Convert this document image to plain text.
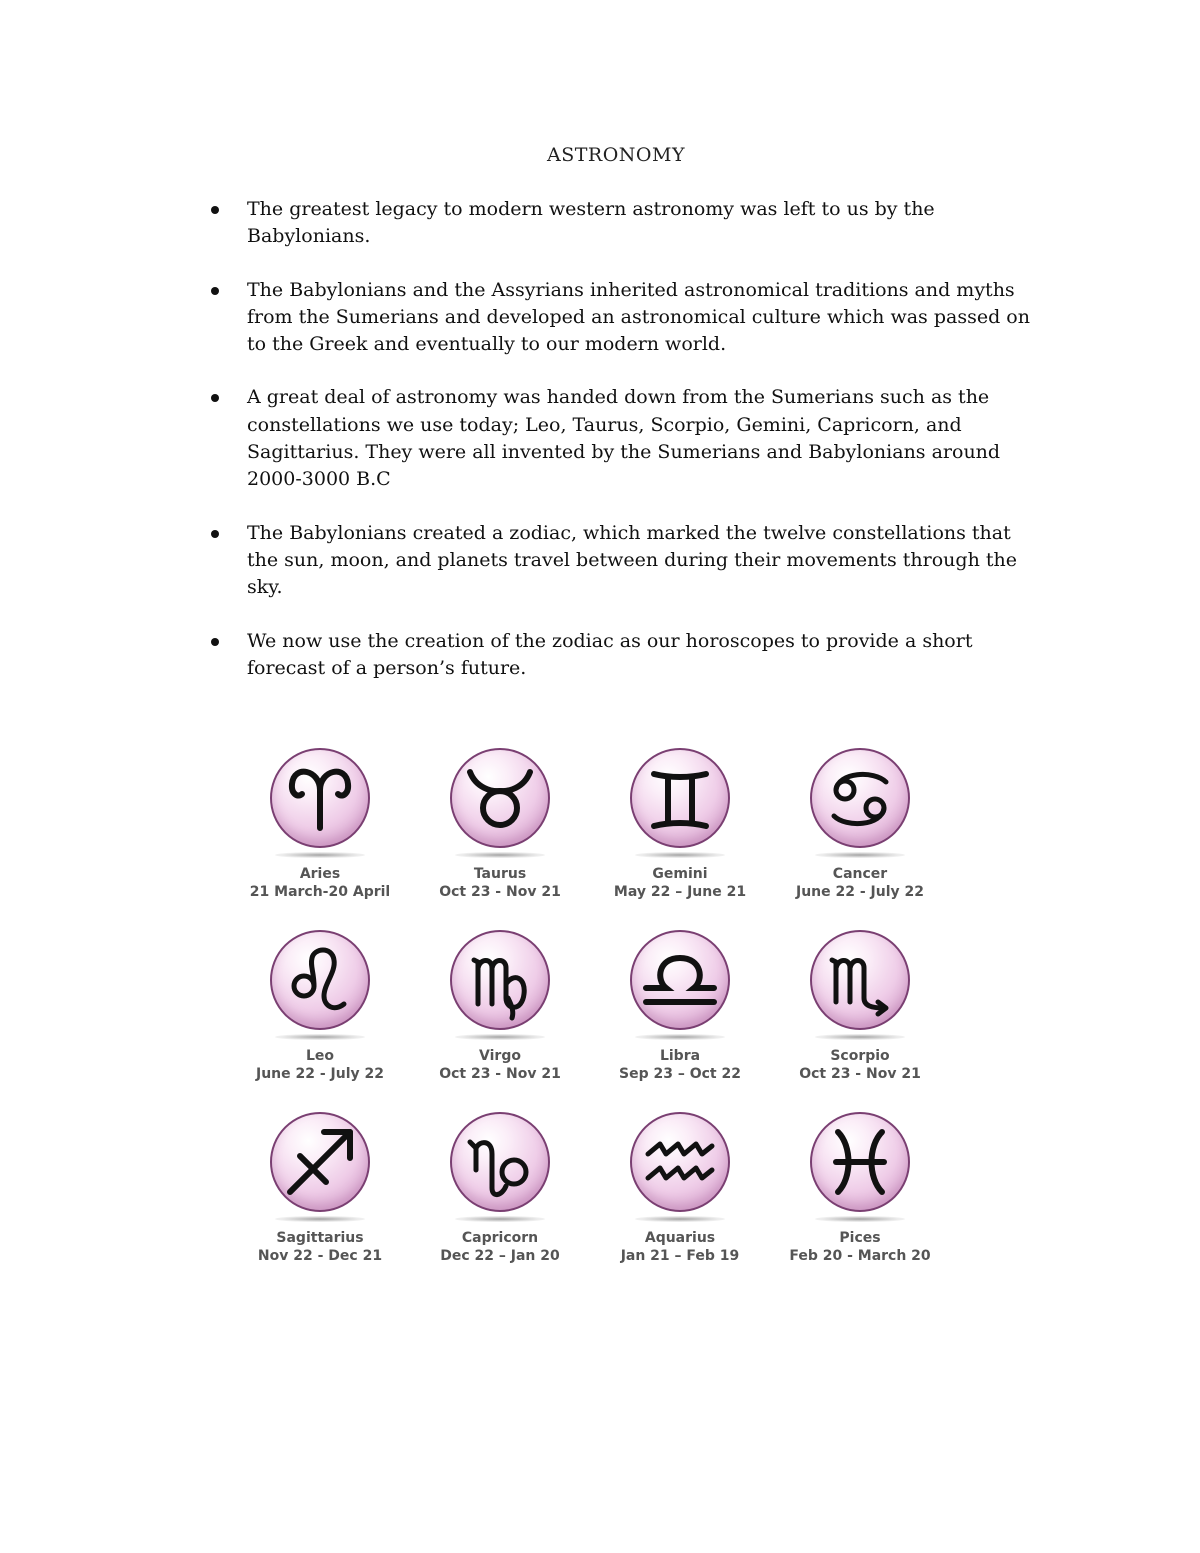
ASTRONOMY
The greatest legacy to modern western astronomy was left to us by the Babylonians.
The Babylonians and the Assyrians inherited astronomical traditions and myths from the Sumerians and developed an astronomical culture which was passed on to the Greek and eventually to our modern world.
A great deal of astronomy was handed down from the Sumerians such as the constellations we use today; Leo, Taurus, Scorpio, Gemini, Capricorn, and Sagittarius. They were all invented by the Sumerians and Babylonians around 2000-3000 B.C
The Babylonians created a zodiac, which marked the twelve constellations that the sun, moon, and planets travel between during their movements through the sky.
We now use the creation of the zodiac as our horoscopes to provide a short forecast of a person’s future.
Aries
21 March-20 April
Taurus
Oct 23 - Nov 21
Gemini
May 22 – June 21
Cancer
June 22 - July 22
Leo
June 22 - July 22
Virgo
Oct 23 - Nov 21
Libra
Sep 23 – Oct 22
Scorpio
Oct 23 - Nov 21
Sagittarius
Nov 22 - Dec 21
Capricorn
Dec 22 – Jan 20
Aquarius
Jan 21 – Feb 19
Pices
Feb 20 - March 20
